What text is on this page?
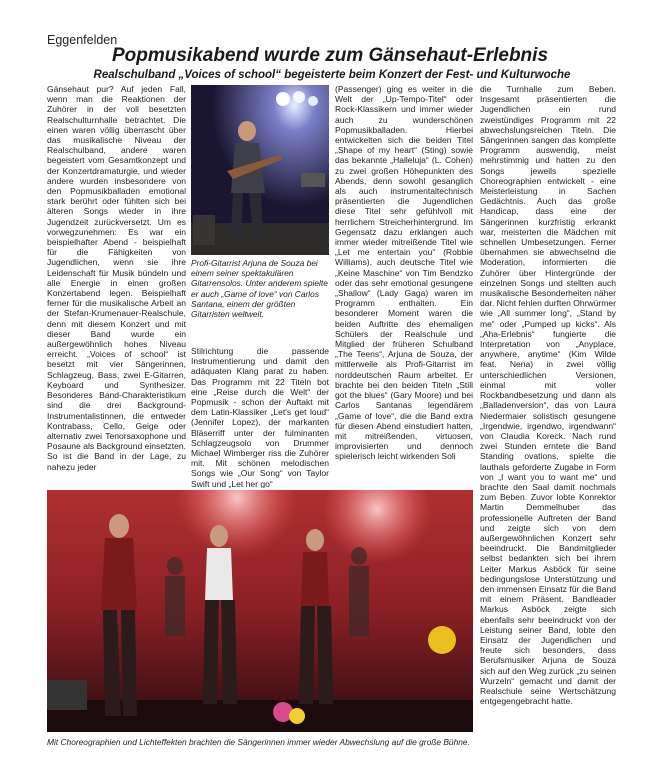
Eggenfelden
Popmusikabend wurde zum Gänsehaut-Erlebnis
Realschulband „Voices of school“ begeisterte beim Konzert der Fest- und Kulturwoche

Gänsehaut pur? Auf jeden Fall, wenn man die Reaktionen der Zuhörer in der voll besetzten Realschulturnhalle betrachtet. Die einen waren völlig überrascht über das musikalische Niveau der Realschulband, andere waren begeistert vom Gesamtkonzept und der Konzertdramaturgie, und wieder andere wurden insbesondere von den Popmusikballaden emotional stark berührt oder fühlten sich bei älteren Songs wieder in ihre Jugendzeit zurückversetzt. Um es vorwegzunehmen: Es war ein beispielhafter Abend - beispielhaft für die Fähigkeiten von Jugendlichen, wenn sie ihre Leidenschaft für Musik bündeln und alle Energie in einen großen Konzertabend legen. Beispielhaft ferner für die musikalische Arbeit an der Stefan-Krumenauer-Realschule, denn mit diesem Konzert und mit dieser Band wurde ein außergewöhnlich hohes Niveau erreicht. „Voices of school“ ist besetzt mit vier Sängerinnen, Schlagzeug, Bass, zwei E-Gitarren, Keyboard und Synthesizer. Besonderes Band-Charakteristikum sind die drei Background-Instrumentalistinnen, die entweder Kontrabass, Cello, Geige oder alternativ zwei Tenorsaxophone und Posaune als Background einsetzten. So ist die Band in der Lage, zu nahezu jeder

Profi-Gitarrist Arjuna de Souza bei einem seiner spektakulären Gitarrensolos. Unter anderem spielte er auch „Game of love“ von Carlos Santana, einem der größten Gitarristen weltweit.

Stilrichtung die passende Instrumentierung und damit den adäquaten Klang parat zu haben. Das Programm mit 22 Titeln bot eine „Reise durch die Welt“ der Popmusik - schon der Auftakt mit dem Latin-Klassiker „Let's get loud“ (Jennifer Lopez), der markanten Bläserriff unter der fulminanten Schlagzeugsolo von Drummer Michael Wimberger riss die Zuhörer mit. Mit schönen melodischen Songs wie „Our Song“ von Taylor Swift und „Let her go“

(Passenger) ging es weiter in die Welt der „Up-Tempo-Titel“ oder Rock-Klassikern und immer wieder auch zu wunderschönen Popmusikballaden. Hierbei entwickelten sich die beiden Titel „Shape of my heart“ (Sting) sowie das bekannte „Halleluja“ (L. Cohen) zu zwei großen Höhepunkten des Abends, denn sowohl gesanglich als auch instrumentaltechnisch präsentierten die Jugendlichen diese Titel sehr gefühlvoll mit herrlichem Streicherhintergrund. Im Gegensatz dazu erklangen auch immer wieder mitreißende Titel wie „Let me entertain you“ (Robbie Williams), auch deutsche Titel wie „Keine Maschine“ von Tim Bendzko oder das sehr emotional gesungene „Shallow“ (Lady Gaga) waren im Programm enthalten. Ein besonderer Moment waren die beiden Auftritte des ehemaligen Schülers der Realschule und Mitglied der früheren Schulband „The Teens“, Arjuna de Souza, der mittlerweile als Profi-Gitarrist im norddeutschen Raum arbeitet. Er brachte bei den beiden Titeln „Still got the blues“ (Gary Moore) und bei Carlos Santanas legendärem „Game of love“, die die Band extra für diesen Abend einstudiert hatten, mit mitreißenden, virtuosen, improvisierten und dennoch spielerisch leicht wirkenden Soli

die Turnhalle zum Beben. Insgesamt präsentierten die Jugendlichen ein rund zweistündiges Programm mit 22 abwechslungsreichen Titeln. Die Sängerinnen sangen das komplette Programm auswendig, meist mehrstimmig und hatten zu den Songs jeweils spezielle Choreographien entwickelt - eine Meisterleistung in Sachen Gedächtnis. Auch das große Handicap, dass eine der Sängerinnen kurzfristig erkrankt war, meisterten die Mädchen mit schnellen Umbesetzungen. Ferner übernahmen sie abwechselnd die Moderation, informierten die Zuhörer über Hintergründe der einzelnen Songs und stellten auch musikalische Besonderheiten näher dar. Nicht fehlen durften Ohrwürmer wie „All summer long“, „Stand by me“ oder „Pumped up kicks“. Als „Aha-Erlebnis“ fungierte die Interpretation von „Anyplace, anywhere, anytime“ (Kim Wilde feat. Nena) in zwei völlig unterschiedlichen Versionen, einmal mit voller Rockbandbesetzung und dann als „Balladenversion“, das von Laura Niedermaier solistisch gesungene „Irgendwie, irgendwo, irgendwann“ von Claudia Koreck. Nach rund zwei Stunden erntete die Band Standing ovations, spielte die lauthals geforderte Zugabe in Form von „I want you to want me“ und brachte den Saal damit nochmals zum Beben. Zuvor lobte Konrektor Martin Demmelhuber das professionelle Auftreten der Band und zeigte sich von dem außergewöhnlichen Konzert sehr beeindruckt. Die Bandmitglieder selbst bedankten sich bei ihrem Leiter Markus Asböck für seine bedingungslose Unterstützung und den immensen Einsatz für die Band mit einem Präsent. Bandleader Markus Asböck zeigte sich ebenfalls sehr beeindruckt von der Leistung seiner Band, lobte den Einsatz der Jugendlichen und freute sich besonders, dass Berufsmusiker Arjuna de Souza sich auf den Weg zurück „zu seinen Wurzeln“ gemacht und damit der Realschule seine Wertschätzung entgegengebracht hatte.

Mit Choreographien und Lichteffekten brachten die Sängerinnen immer wieder Abwechslung auf die große Bühne.
